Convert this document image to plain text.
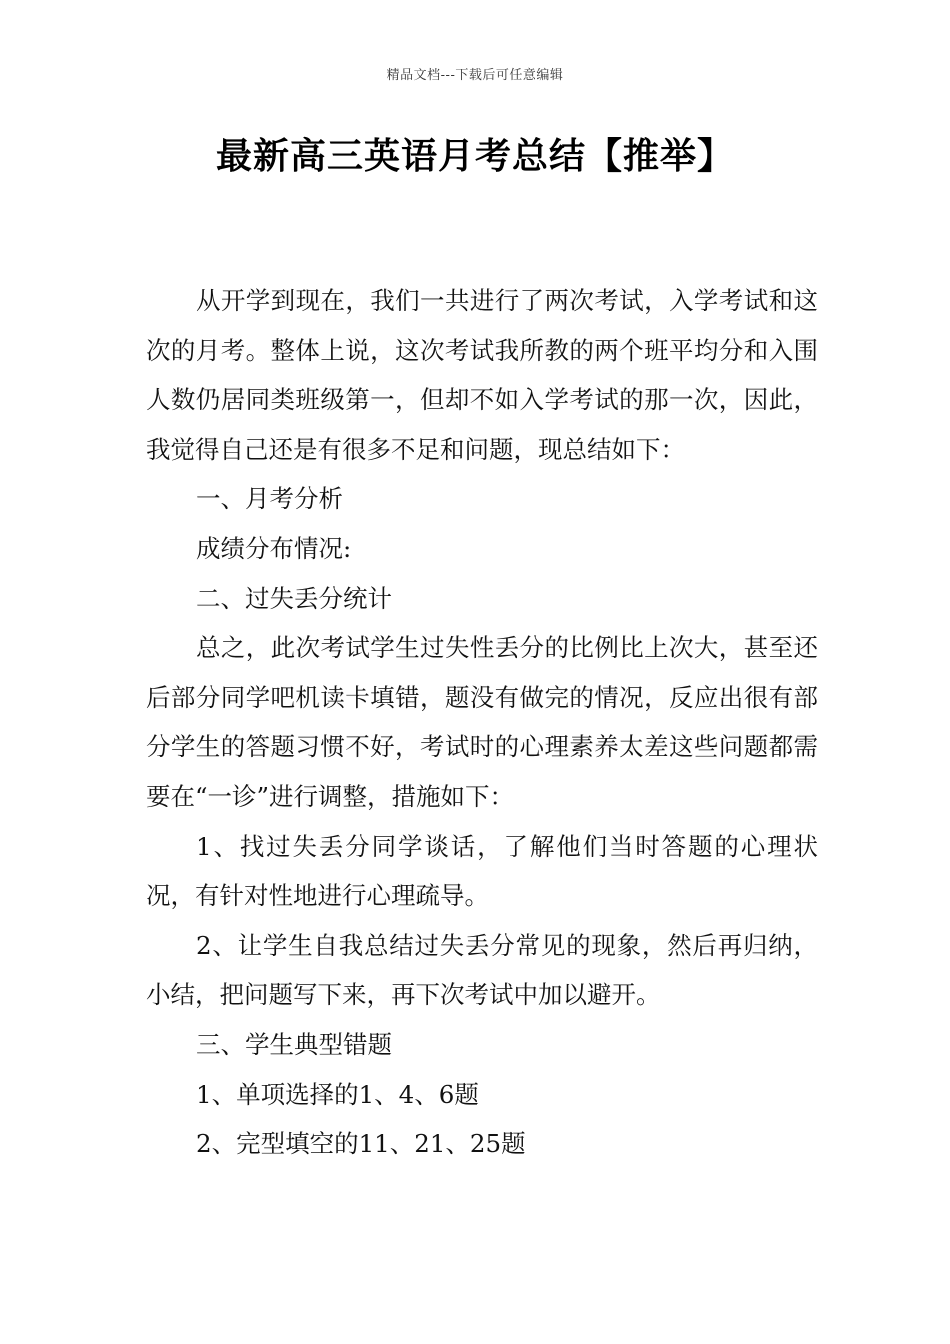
精品文档---下载后可任意编辑
最新高三英语月考总结【推举】

从开学到现在，我们一共进行了两次考试，入学考试和这次的月考。整体上说，这次考试我所教的两个班平均分和入围人数仍居同类班级第一，但却不如入学考试的那一次，因此，我觉得自己还是有很多不足和问题，现总结如下：

一、月考分析

成绩分布情况:

二、过失丢分统计

总之，此次考试学生过失性丢分的比例比上次大，甚至还后部分同学吧机读卡填错，题没有做完的情况，反应出很有部分学生的答题习惯不好，考试时的心理素养太差这些问题都需要在“一诊”进行调整，措施如下：

1、找过失丢分同学谈话，了解他们当时答题的心理状况，有针对性地进行心理疏导。

2、让学生自我总结过失丢分常见的现象，然后再归纳，小结，把问题写下来，再下次考试中加以避开。

三、学生典型错题

1、单项选择的1、4、6题

2、完型填空的11、21、25题
